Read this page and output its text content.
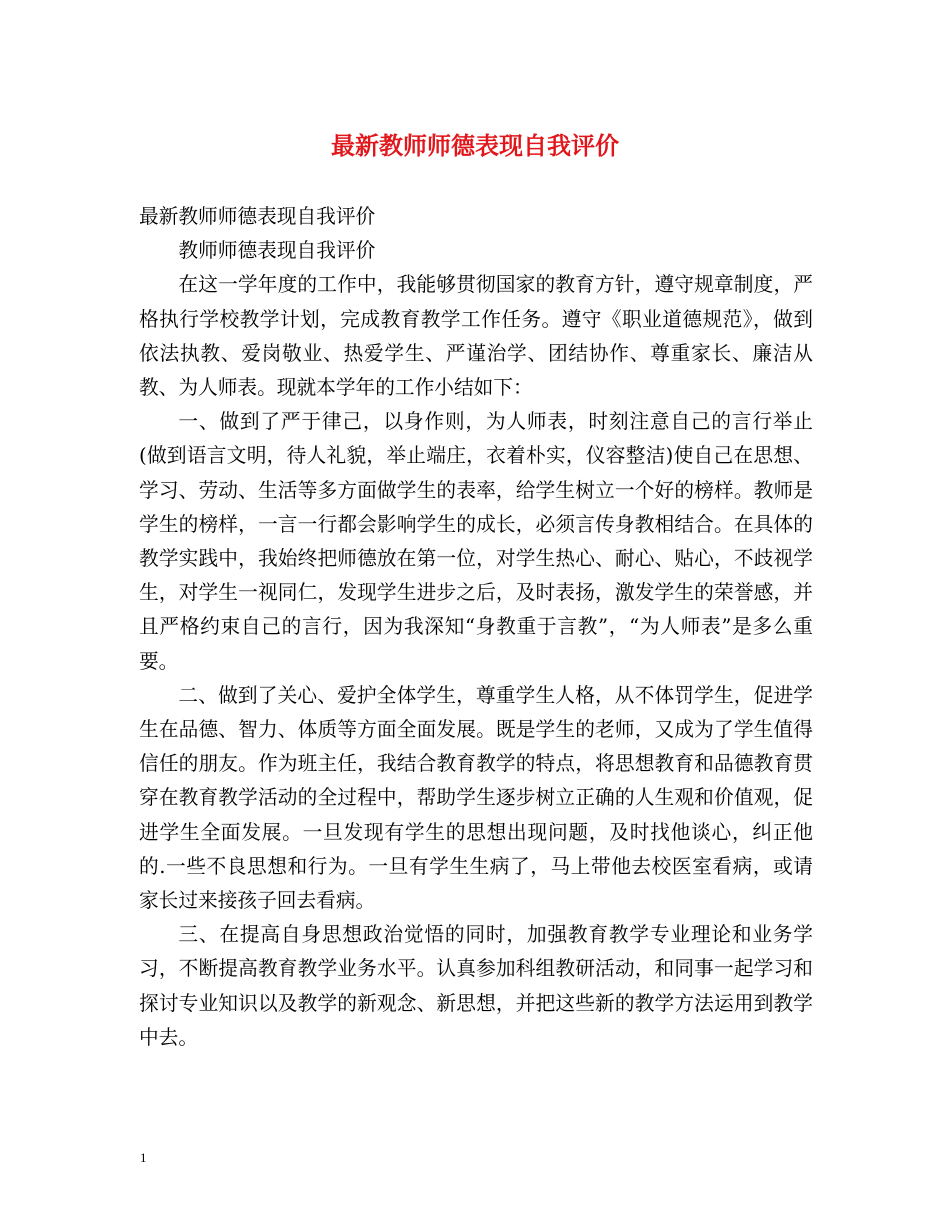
最新教师师德表现自我评价

最新教师师德表现自我评价

教师师德表现自我评价

在这一学年度的工作中，我能够贯彻国家的教育方针，遵守规章制度，严格执行学校教学计划，完成教育教学工作任务。遵守《职业道德规范》，做到依法执教、爱岗敬业、热爱学生、严谨治学、团结协作、尊重家长、廉洁从教、为人师表。现就本学年的工作小结如下：

一、做到了严于律己，以身作则，为人师表，时刻注意自己的言行举止(做到语言文明，待人礼貌，举止端庄，衣着朴实，仪容整洁)使自己在思想、学习、劳动、生活等多方面做学生的表率，给学生树立一个好的榜样。教师是学生的榜样，一言一行都会影响学生的成长，必须言传身教相结合。在具体的教学实践中，我始终把师德放在第一位，对学生热心、耐心、贴心，不歧视学生，对学生一视同仁，发现学生进步之后，及时表扬，激发学生的荣誉感，并且严格约束自己的言行，因为我深知“身教重于言教”，“为人师表”是多么重要。

二、做到了关心、爱护全体学生，尊重学生人格，从不体罚学生，促进学生在品德、智力、体质等方面全面发展。既是学生的老师，又成为了学生值得信任的朋友。作为班主任，我结合教育教学的特点，将思想教育和品德教育贯穿在教育教学活动的全过程中，帮助学生逐步树立正确的人生观和价值观，促进学生全面发展。一旦发现有学生的思想出现问题，及时找他谈心，纠正他的.一些不良思想和行为。一旦有学生生病了，马上带他去校医室看病，或请家长过来接孩子回去看病。

三、在提高自身思想政治觉悟的同时，加强教育教学专业理论和业务学习，不断提高教育教学业务水平。认真参加科组教研活动，和同事一起学习和探讨专业知识以及教学的新观念、新思想，并把这些新的教学方法运用到教学中去。

1
